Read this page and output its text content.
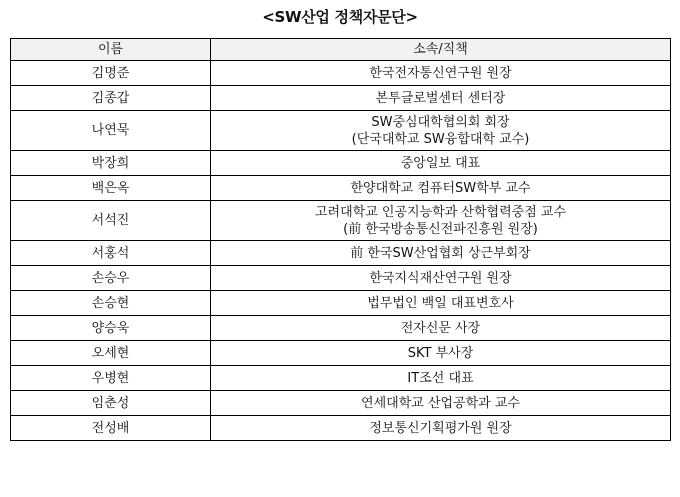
<SW산업 정책자문단>
이름	소속/직책
김명준	한국전자통신연구원 원장

김종갑	본투글로벌센터 센터장

나연묵	SW중심대학협의회 회장
(단국대학교 SW융합대학 교수)

박장희	중앙일보 대표

백은옥	한양대학교 컴퓨터SW학부 교수

서석진	고려대학교 인공지능학과 산학협력중점 교수
(前 한국방송통신전파진흥원 원장)

서홍석	前 한국SW산업협회 상근부회장

손승우	한국지식재산연구원 원장

손승현	법무법인 백일 대표변호사

양승욱	전자신문 사장

오세현	SKT 부사장

우병현	IT조선 대표

임춘성	연세대학교 산업공학과 교수

전성배	정보통신기획평가원 원장
